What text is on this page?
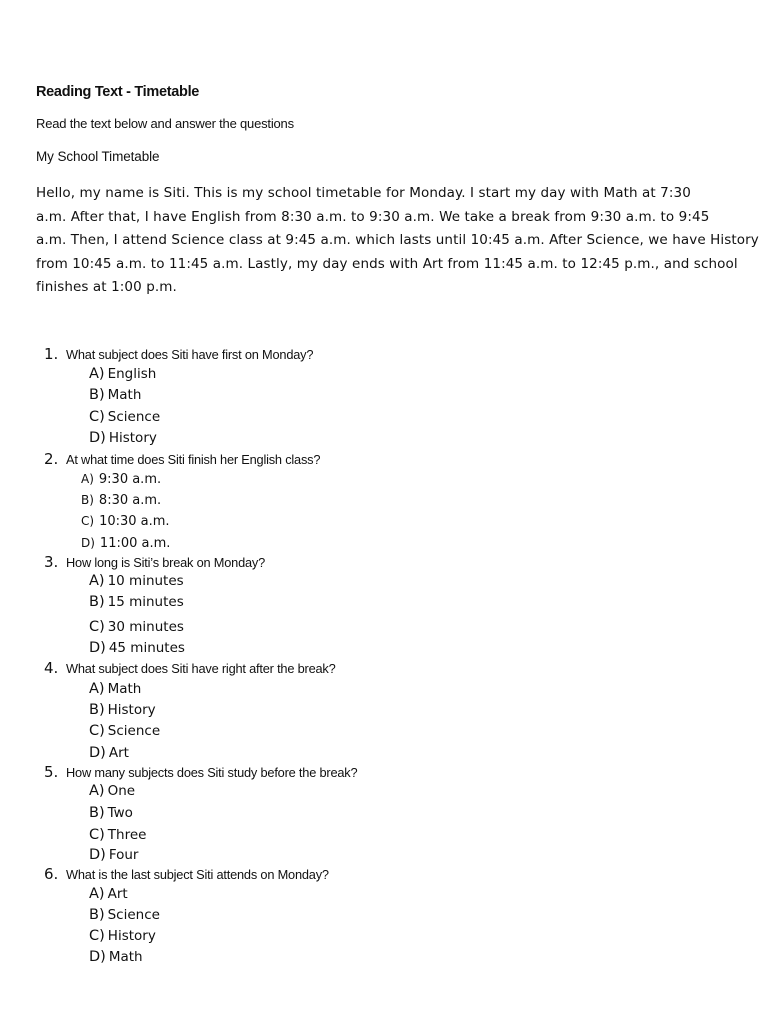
Reading Text - Timetable
Read the text below and answer the questions
My School Timetable
Hello, my name is Siti. This is my school timetable for Monday. I start my day with Math at 7:30
a.m. After that, I have English from 8:30 a.m. to 9:30 a.m. We take a break from 9:30 a.m. to 9:45
a.m. Then, I attend Science class at 9:45 a.m. which lasts until 10:45 a.m. After Science, we have History
from 10:45 a.m. to 11:45 a.m. Lastly, my day ends with Art from 11:45 a.m. to 12:45 p.m., and school
finishes at 1:00 p.m.
1. What subject does Siti have first on Monday?
A) English
B) Math
C) Science
D) History
2. At what time does Siti finish her English class?
A) 9:30 a.m.
B) 8:30 a.m.
C) 10:30 a.m.
D) 11:00 a.m.
3. How long is Siti’s break on Monday?
A) 10 minutes
B) 15 minutes
C) 30 minutes
D) 45 minutes
4. What subject does Siti have right after the break?
A) Math
B) History
C) Science
D) Art
5. How many subjects does Siti study before the break?
A) One
B) Two
C) Three
D) Four
6. What is the last subject Siti attends on Monday?
A) Art
B) Science
C) History
D) Math
